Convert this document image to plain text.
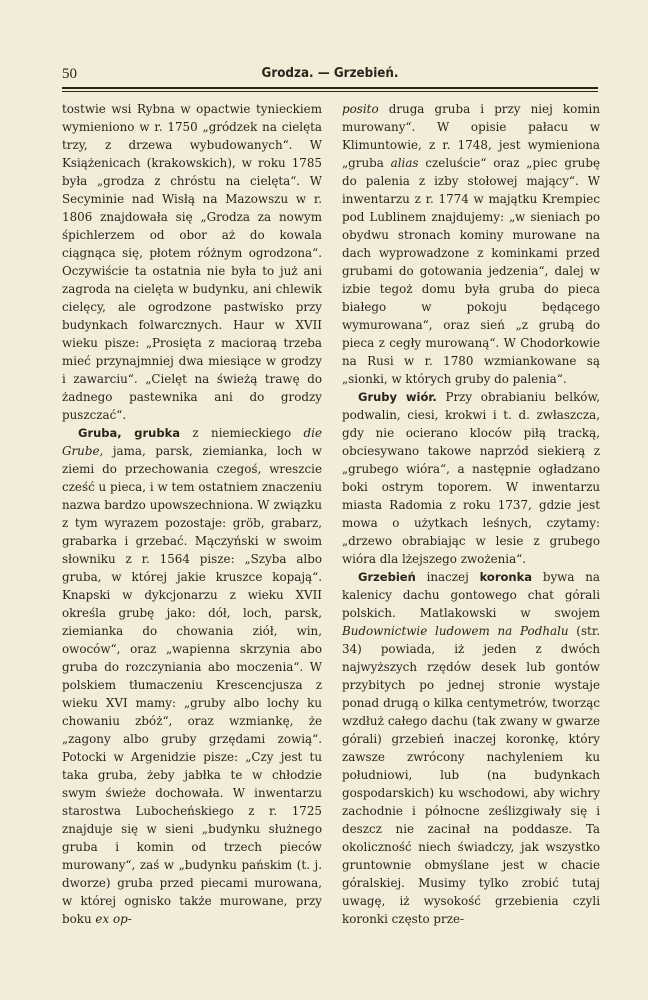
50	Grodza. — Grzebień.

tostwie wsi Rybna w opactwie tynieckiem wymieniono w r. 1750 „gródzek na cielęta trzy, z drzewa wybudowanych“. W Książenicach (krakowskich), w roku 1785 była „grodza z chróstu na cielęta“. W Secyminie nad Wisłą na Mazowszu w r. 1806 znajdowała się „Grodza za nowym śpichlerzem od obor aż do kowala ciągnąca się, płotem różnym ogrodzona“. Oczywiście ta ostatnia nie była to już ani zagroda na cielęta w budynku, ani chlewik cielęcy, ale ogrodzone pastwisko przy budynkach folwarcznych. Haur w XVII wieku pisze: „Prosięta z macioraą trzeba mieć przynajmniej dwa miesiące w grodzy i zawarciu“. „Cielęt na świeżą trawę do żadnego pastewnika ani do grodzy puszczać“.

Gruba, grubka z niemieckiego die Grube, jama, parsk, ziemianka, loch w ziemi do przechowania czegoś, wreszcie cześć u pieca, i w tem ostatniem znaczeniu nazwa bardzo upowszechniona. W związku z tym wyrazem pozostaje: gröb, grabarz, grabarka i grzebać. Mączyński w swoim słowniku z r. 1564 pisze: „Szyba albo gruba, w której jakie kruszce kopają“. Knapski w dykcjonarzu z wieku XVII określa grubę jako: dół, loch, parsk, ziemianka do chowania ziół, win, owoców“, oraz „wapienna skrzynia abo gruba do rozczyniania abo moczenia“. W polskiem tłumaczeniu Krescencjusza z wieku XVI mamy: „gruby albo lochy ku chowaniu zbóż“, oraz wzmiankę, że „zagony albo gruby grzędami zowią“. Potocki w Argenidzie pisze: „Czy jest tu taka gruba, żeby jabłka te w chłodzie swym świeże dochowała. W inwentarzu starostwa Lubocheńskiego z r. 1725 znajduje się w sieni „budynku służnego gruba i komin od trzech pieców murowany“, zaś w „budynku pańskim (t. j. dworze) gruba przed piecami murowana, w której ognisko także murowane, przy boku ex op-

posito druga gruba i przy niej komin murowany“. W opisie pałacu w Klimuntowie, z r. 1748, jest wymieniona „gruba alias czeluście“ oraz „piec grubę do palenia z izby stołowej mający“. W inwentarzu z r. 1774 w majątku Krempiec pod Lublinem znajdujemy: „w sieniach po obydwu stronach kominy murowane na dach wyprowadzone z kominkami przed grubami do gotowania jedzenia“, dalej w izbie tegoż domu była gruba do pieca białego w pokoju będącego wymurowana“, oraz sień „z grubą do pieca z cegły murowaną“. W Chodorkowie na Rusi w r. 1780 wzmiankowane są „sionki, w których gruby do palenia“.

Gruby wiór. Przy obrabianiu belków, podwalin, ciesi, krokwi i t. d. zwłaszcza, gdy nie ocierano kloców piłą tracką, obciesywano takowe naprzód siekierą z „grubego wióra“, a następnie ogładzano boki ostrym toporem. W inwentarzu miasta Radomia z roku 1737, gdzie jest mowa o użytkach leśnych, czytamy: „drzewo obrabiając w lesie z grubego wióra dla lżejszego zwożenia“.

Grzebień inaczej koronka bywa na kalenicy dachu gontowego chat górali polskich. Matlakowski w swojem Budownictwie ludowem na Podhalu (str. 34) powiada, iż jeden z dwóch najwyższych rzędów desek lub gontów przybitych po jednej stronie wystaje ponad drugą o kilka centymetrów, tworząc wzdłuż całego dachu (tak zwany w gwarze górali) grzebień inaczej koronkę, który zawsze zwrócony nachyleniem ku południowi, lub (na budynkach gospodarskich) ku wschodowi, aby wichry zachodnie i północne ześlizgiwały się i deszcz nie zacinał na poddasze. Ta okoliczność niech świadczy, jak wszystko gruntownie obmyślane jest w chacie góralskiej. Musimy tylko zrobić tutaj uwagę, iż wysokość grzebienia czyli koronki często prze-
